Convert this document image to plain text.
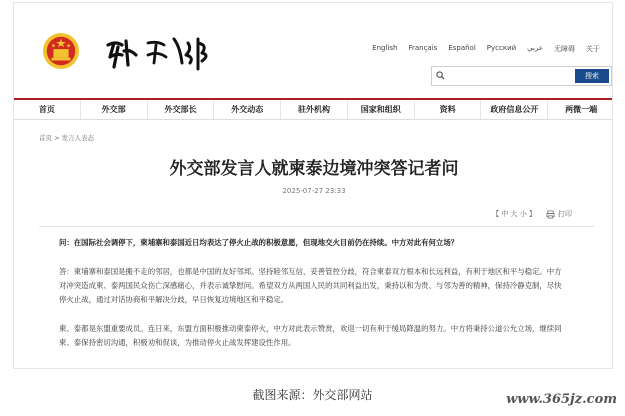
English Français Español Русский عربي 无障碍 关于
搜索
首页	外交部	外交部长	外交动态	驻外机构	国家和组织	资料	政府信息公开	两微一端
首页 > 发言人表态
外交部发言人就柬泰边境冲突答记者问
2025-07-27 23:33
【 中 大 小 】	打印
问：在国际社会调停下，柬埔寨和泰国近日均表达了停火止战的积极意愿，但现地交火目前仍在持续。中方对此有何立场？
答：柬埔寨和泰国是搬不走的邻居，也都是中国的友好邻邦。坚持睦邻互信、妥善管控分歧，符合柬泰双方根本和长远利益，有利于地区和平与稳定。中方对冲突造成柬、泰两国民众伤亡深感痛心，并表示诚挚慰问。希望双方从两国人民的共同利益出发，秉持以和为贵、与邻为善的精神，保持冷静克制，尽快停火止战，通过对话协商和平解决分歧，早日恢复边境地区和平稳定。
柬、泰都是东盟重要成员。连日来，东盟方面积极推动柬泰停火，中方对此表示赞赏，欢迎一切有利于缓局降温的努力。中方将秉持公道公允立场，继续同柬、泰保持密切沟通，积极劝和促谈，为推动停火止战发挥建设性作用。
截图来源：外交部网站	www.365jz.com
